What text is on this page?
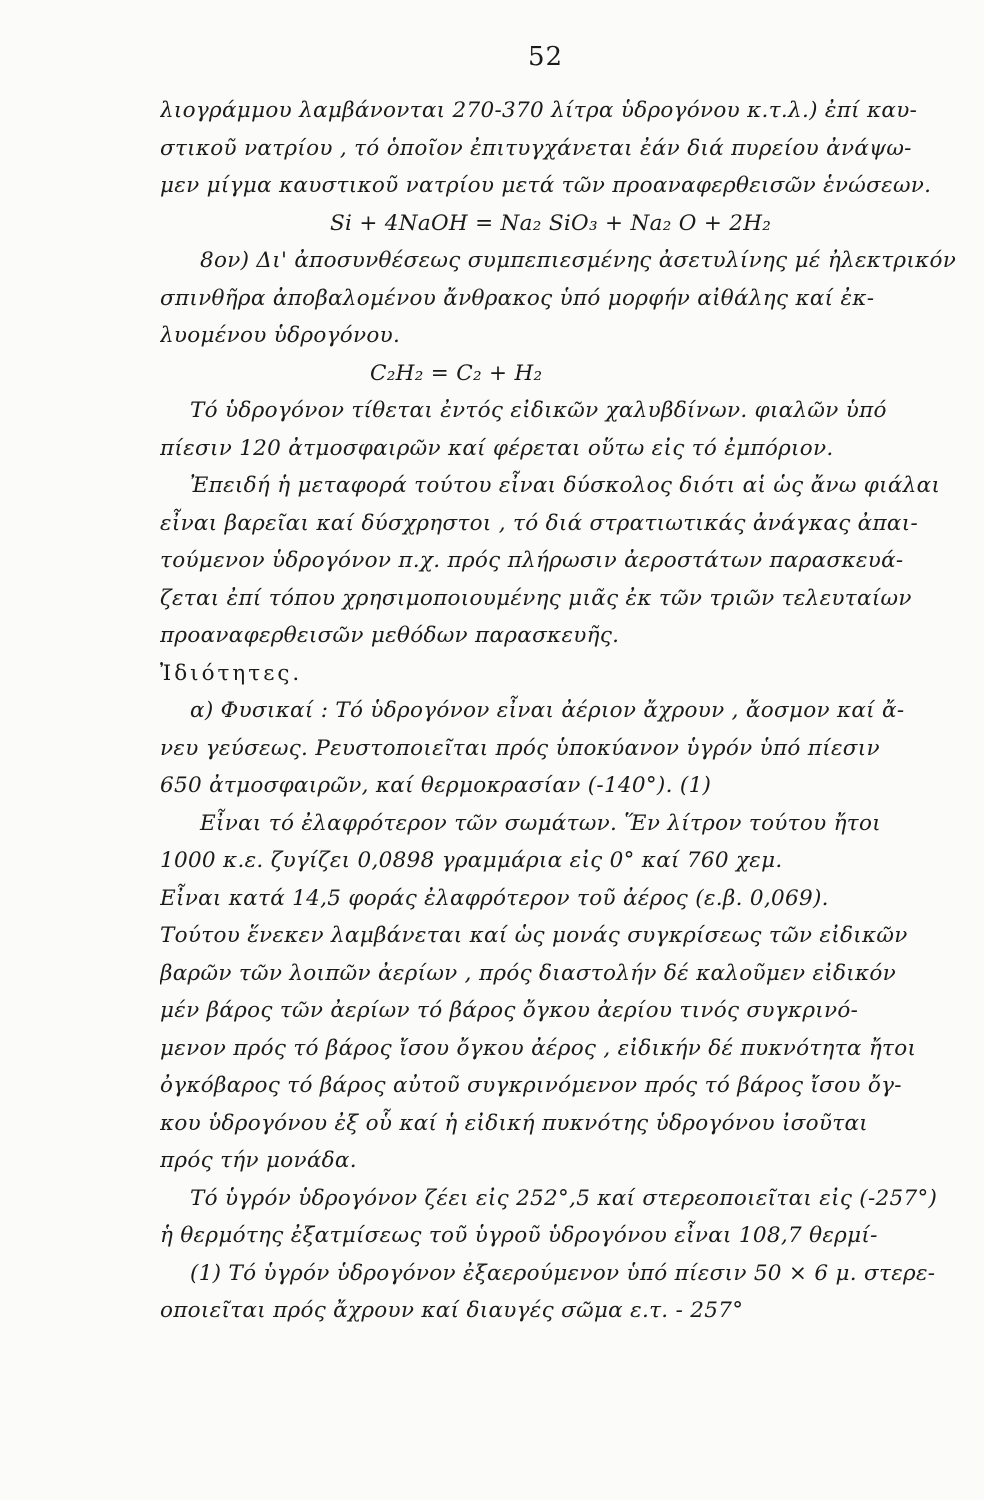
52
λιογράμμου λαμβάνονται 270-370 λίτρα ὑδρογόνου κ.τ.λ.) ἐπί καυ-
στικοῦ νατρίου , τό ὁποῖον ἐπιτυγχάνεται ἐάν διά πυρείου ἀνάψω-
μεν μίγμα καυστικοῦ νατρίου μετά τῶν προαναφερθεισῶν ἑνώσεων.
Si + 4NaOH = Na₂ SiO₃ + Na₂ O + 2H₂
8ον) Δι' ἀποσυνθέσεως συμπεπιεσμένης ἀσετυλίνης μέ ἠλεκτρικόν
σπινθῆρα ἀποβαλομένου ἄνθρακος ὑπό μορφήν αἰθάλης καί ἐκ-
λυομένου ὑδρογόνου.
C₂H₂ = C₂ + H₂
Τό ὑδρογόνον τίθεται ἐντός εἰδικῶν χαλυβδίνων. φιαλῶν ὑπό
πίεσιν 120 ἀτμοσφαιρῶν καί φέρεται οὕτω εἰς τό ἐμπόριον.
Ἐπειδή ἡ μεταφορά τούτου εἶναι δύσκολος διότι αἱ ὡς ἄνω φιάλαι
εἶναι βαρεῖαι καί δύσχρηστοι , τό διά στρατιωτικάς ἀνάγκας ἀπαι-
τούμενον ὑδρογόνον π.χ. πρός πλήρωσιν ἀεροστάτων παρασκευά-
ζεται ἐπί τόπου χρησιμοποιουμένης μιᾶς ἐκ τῶν τριῶν τελευταίων
προαναφερθεισῶν μεθόδων παρασκευῆς.
Ἰδιότητες.
α) Φυσικαί : Τό ὑδρογόνον εἶναι ἀέριον ἄχρουν , ἄοσμον καί ἄ-
νευ γεύσεως. Ρευστοποιεῖται πρός ὑποκύανον ὑγρόν ὑπό πίεσιν
650 ἀτμοσφαιρῶν, καί θερμοκρασίαν (-140°). (1)
Εἶναι τό ἐλαφρότερον τῶν σωμάτων. Ἕν λίτρον τούτου ἤτοι
1000 κ.ε. ζυγίζει 0,0898 γραμμάρια εἰς 0° καί 760 χεμ.
Εἶναι κατά 14,5 φοράς ἐλαφρότερον τοῦ ἀέρος (ε.β. 0,069).
Τούτου ἕνεκεν λαμβάνεται καί ὡς μονάς συγκρίσεως τῶν εἰδικῶν
βαρῶν τῶν λοιπῶν ἀερίων , πρός διαστολήν δέ καλοῦμεν εἰδικόν
μέν βάρος τῶν ἀερίων τό βάρος ὄγκου ἀερίου τινός συγκρινό-
μενον πρός τό βάρος ἴσου ὄγκου ἀέρος , εἰδικήν δέ πυκνότητα ἤτοι
ὀγκόβαρος τό βάρος αὐτοῦ συγκρινόμενον πρός τό βάρος ἴσου ὄγ-
κου ὑδρογόνου ἐξ οὗ καί ἡ εἰδική πυκνότης ὑδρογόνου ἰσοῦται
πρός τήν μονάδα.
Τό ὑγρόν ὑδρογόνον ζέει εἰς 252°,5 καί στερεοποιεῖται εἰς (-257°)
ἡ θερμότης ἐξατμίσεως τοῦ ὑγροῦ ὑδρογόνου εἶναι 108,7 θερμί-
(1) Τό ὑγρόν ὑδρογόνον ἐξαερούμενον ὑπό πίεσιν 50 × 6 μ. στερε-
οποιεῖται πρός ἄχρουν καί διαυγές σῶμα ε.τ. - 257°
